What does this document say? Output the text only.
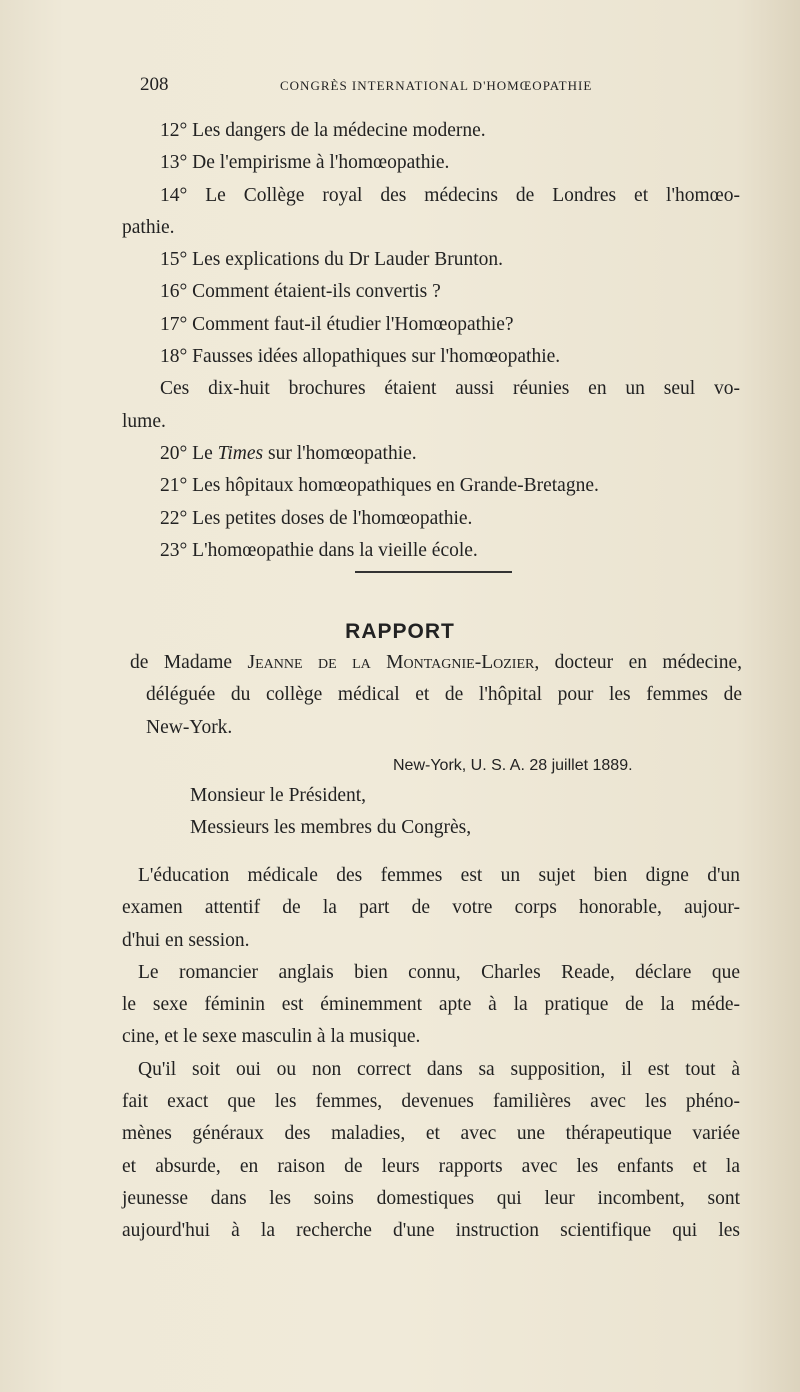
208	CONGRÈS INTERNATIONAL D'HOMŒOPATHIE
12° Les dangers de la médecine moderne.
13° De l'empirisme à l'homœopathie.
14° Le Collège royal des médecins de Londres et l'homœo-
pathie.
15° Les explications du Dr Lauder Brunton.
16° Comment étaient-ils convertis ?
17° Comment faut-il étudier l'Homœopathie?
18° Fausses idées allopathiques sur l'homœopathie.
Ces dix-huit brochures étaient aussi réunies en un seul vo-
lume.
20° Le Times sur l'homœopathie.
21° Les hôpitaux homœopathiques en Grande-Bretagne.
22° Les petites doses de l'homœopathie.
23° L'homœopathie dans la vieille école.
RAPPORT
de Madame Jeanne de la Montagnie-Lozier, docteur en médecine,
déléguée du collège médical et de l'hôpital pour les femmes de
New-York.
New-York, U. S. A. 28 juillet 1889.
Monsieur le Président,
Messieurs les membres du Congrès,
L'éducation médicale des femmes est un sujet bien digne d'un
examen attentif de la part de votre corps honorable, aujour-
d'hui en session.
Le romancier anglais bien connu, Charles Reade, déclare que
le sexe féminin est éminemment apte à la pratique de la méde-
cine, et le sexe masculin à la musique.
Qu'il soit oui ou non correct dans sa supposition, il est tout à
fait exact que les femmes, devenues familières avec les phéno-
mènes généraux des maladies, et avec une thérapeutique variée
et absurde, en raison de leurs rapports avec les enfants et la
jeunesse dans les soins domestiques qui leur incombent, sont
aujourd'hui à la recherche d'une instruction scientifique qui les
